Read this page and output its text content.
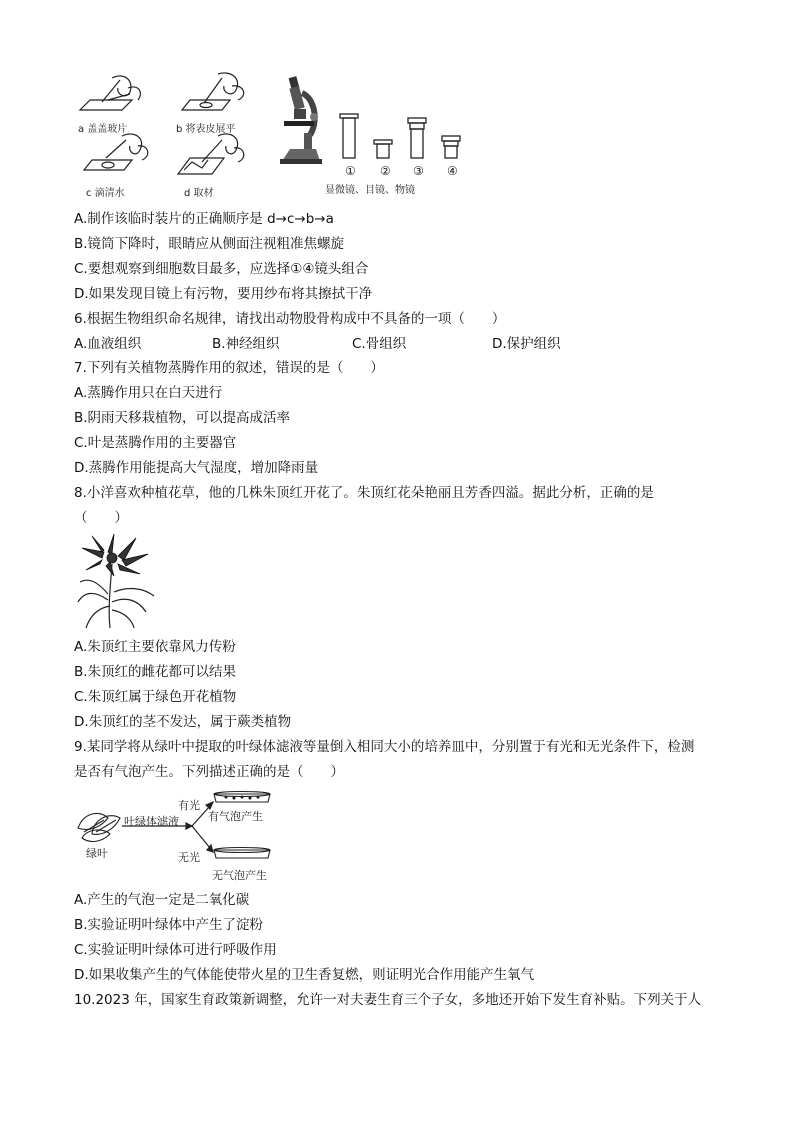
a 盖盖玻片	b 将表皮展平
c 滴清水	d 取材
① ② ③ ④
显微镜、目镜、物镜
A.制作该临时装片的正确顺序是 d→c→b→a
B.镜筒下降时，眼睛应从侧面注视粗准焦螺旋
C.要想观察到细胞数目最多，应选择①④镜头组合
D.如果发现目镜上有污物，要用纱布将其擦拭干净
6.根据生物组织命名规律，请找出动物股骨构成中不具备的一项（　　）
A.血液组织	B.神经组织	C.骨组织	D.保护组织
7.下列有关植物蒸腾作用的叙述，错误的是（　　）
A.蒸腾作用只在白天进行
B.阴雨天移栽植物，可以提高成活率
C.叶是蒸腾作用的主要器官
D.蒸腾作用能提高大气湿度，增加降雨量
8.小洋喜欢种植花草，他的几株朱顶红开花了。朱顶红花朵艳丽且芳香四溢。据此分析，正确的是
（　　）
A.朱顶红主要依靠风力传粉
B.朱顶红的雌花都可以结果
C.朱顶红属于绿色开花植物
D.朱顶红的茎不发达，属于蕨类植物
9.某同学将从绿叶中提取的叶绿体滤液等量倒入相同大小的培养皿中，分别置于有光和无光条件下，检测
是否有气泡产生。下列描述正确的是（　　）
有光
有气泡产生
叶绿体滤液
绿叶	无光
无气泡产生
A.产生的气泡一定是二氧化碳
B.实验证明叶绿体中产生了淀粉
C.实验证明叶绿体可进行呼吸作用
D.如果收集产生的气体能使带火星的卫生香复燃，则证明光合作用能产生氧气
10.2023 年，国家生育政策新调整，允许一对夫妻生育三个子女，多地还开始下发生育补贴。下列关于人
